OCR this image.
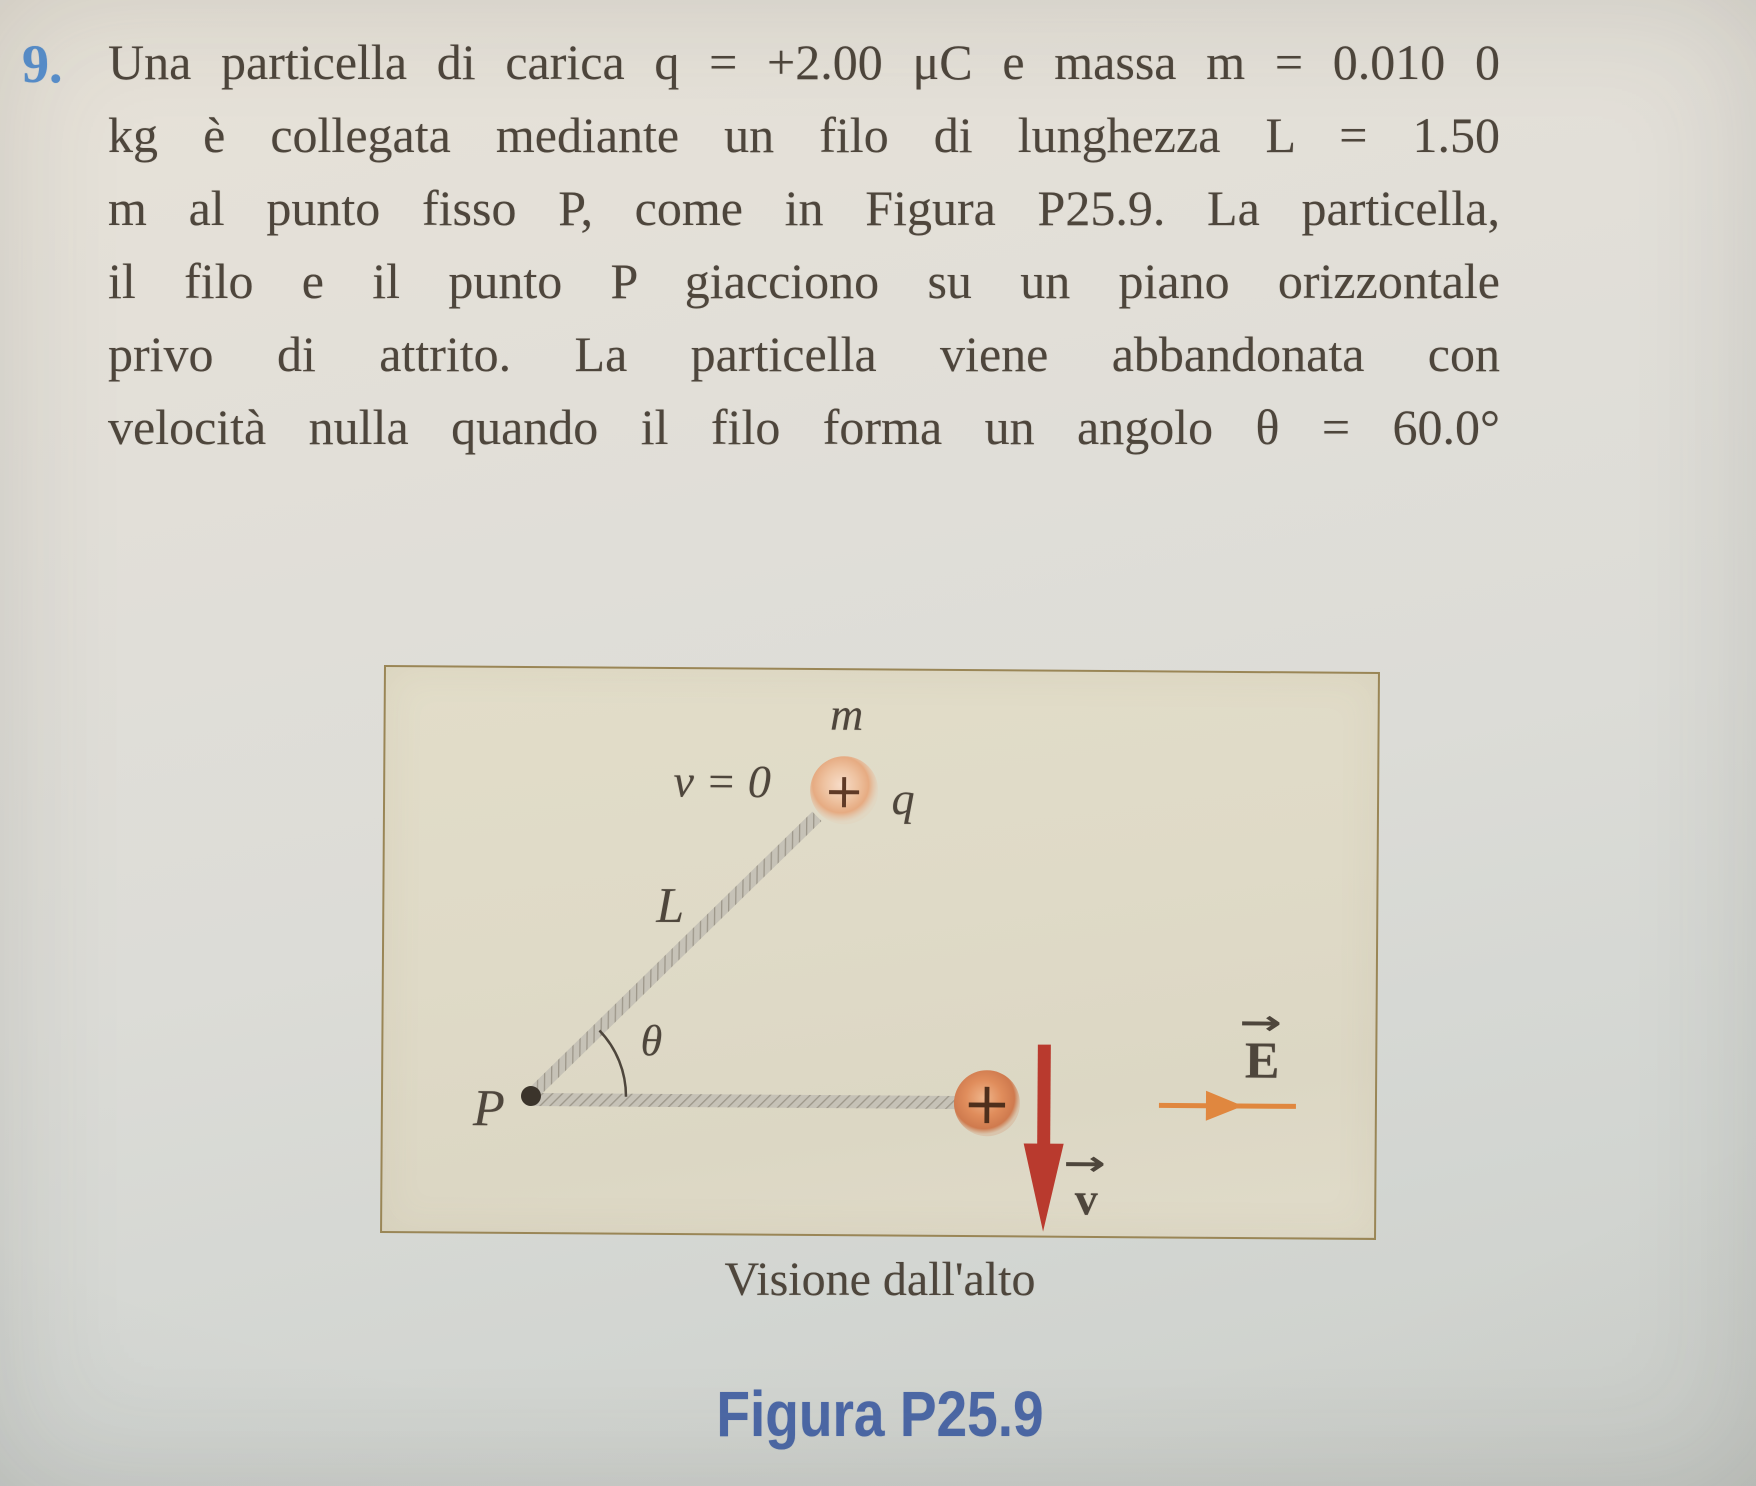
9. Una particella di carica q = +2.00 μC e massa m = 0.010 0
kg è collegata mediante un filo di lunghezza L = 1.50
m al punto fisso P, come in Figura P25.9. La particella,
il filo e il punto P giacciono su un piano orizzontale
privo di attrito. La particella viene abbandonata con
velocità nulla quando il filo forma un angolo θ = 60.0°
m
v = 0	q
L
θ
P
E
v
→
→
+
+
Visione dall'alto
Figura P25.9
